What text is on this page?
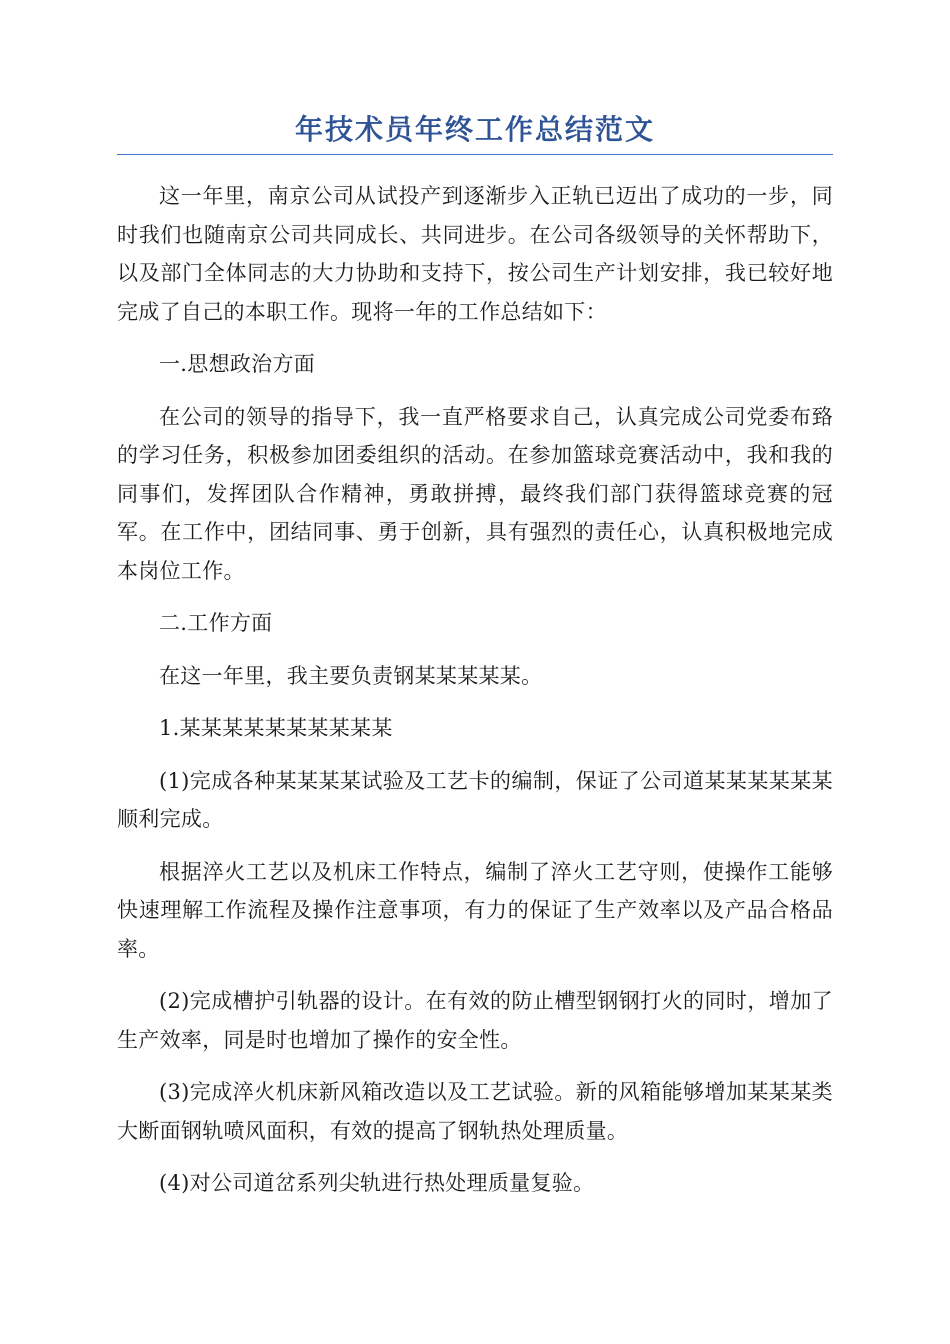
年技术员年终工作总结范文

这一年里，南京公司从试投产到逐渐步入正轨已迈出了成功的一步，同时我们也随南京公司共同成长、共同进步。在公司各级领导的关怀帮助下，以及部门全体同志的大力协助和支持下，按公司生产计划安排，我已较好地完成了自己的本职工作。现将一年的工作总结如下：

一.思想政治方面

在公司的领导的指导下，我一直严格要求自己，认真完成公司党委布臵的学习任务，积极参加团委组织的活动。在参加篮球竞赛活动中，我和我的同事们，发挥团队合作精神，勇敢拼搏，最终我们部门获得篮球竞赛的冠军。在工作中，团结同事、勇于创新，具有强烈的责任心，认真积极地完成本岗位工作。

二.工作方面

在这一年里，我主要负责钢某某某某某。

1.某某某某某某某某某某

(1)完成各种某某某某试验及工艺卡的编制，保证了公司道某某某某某某顺利完成。

根据淬火工艺以及机床工作特点，编制了淬火工艺守则，使操作工能够快速理解工作流程及操作注意事项，有力的保证了生产效率以及产品合格品率。

(2)完成槽护引轨器的设计。在有效的防止槽型钢钢打火的同时，增加了生产效率，同是时也增加了操作的安全性。

(3)完成淬火机床新风箱改造以及工艺试验。新的风箱能够增加某某某类大断面钢轨喷风面积，有效的提高了钢轨热处理质量。

(4)对公司道岔系列尖轨进行热处理质量复验。
